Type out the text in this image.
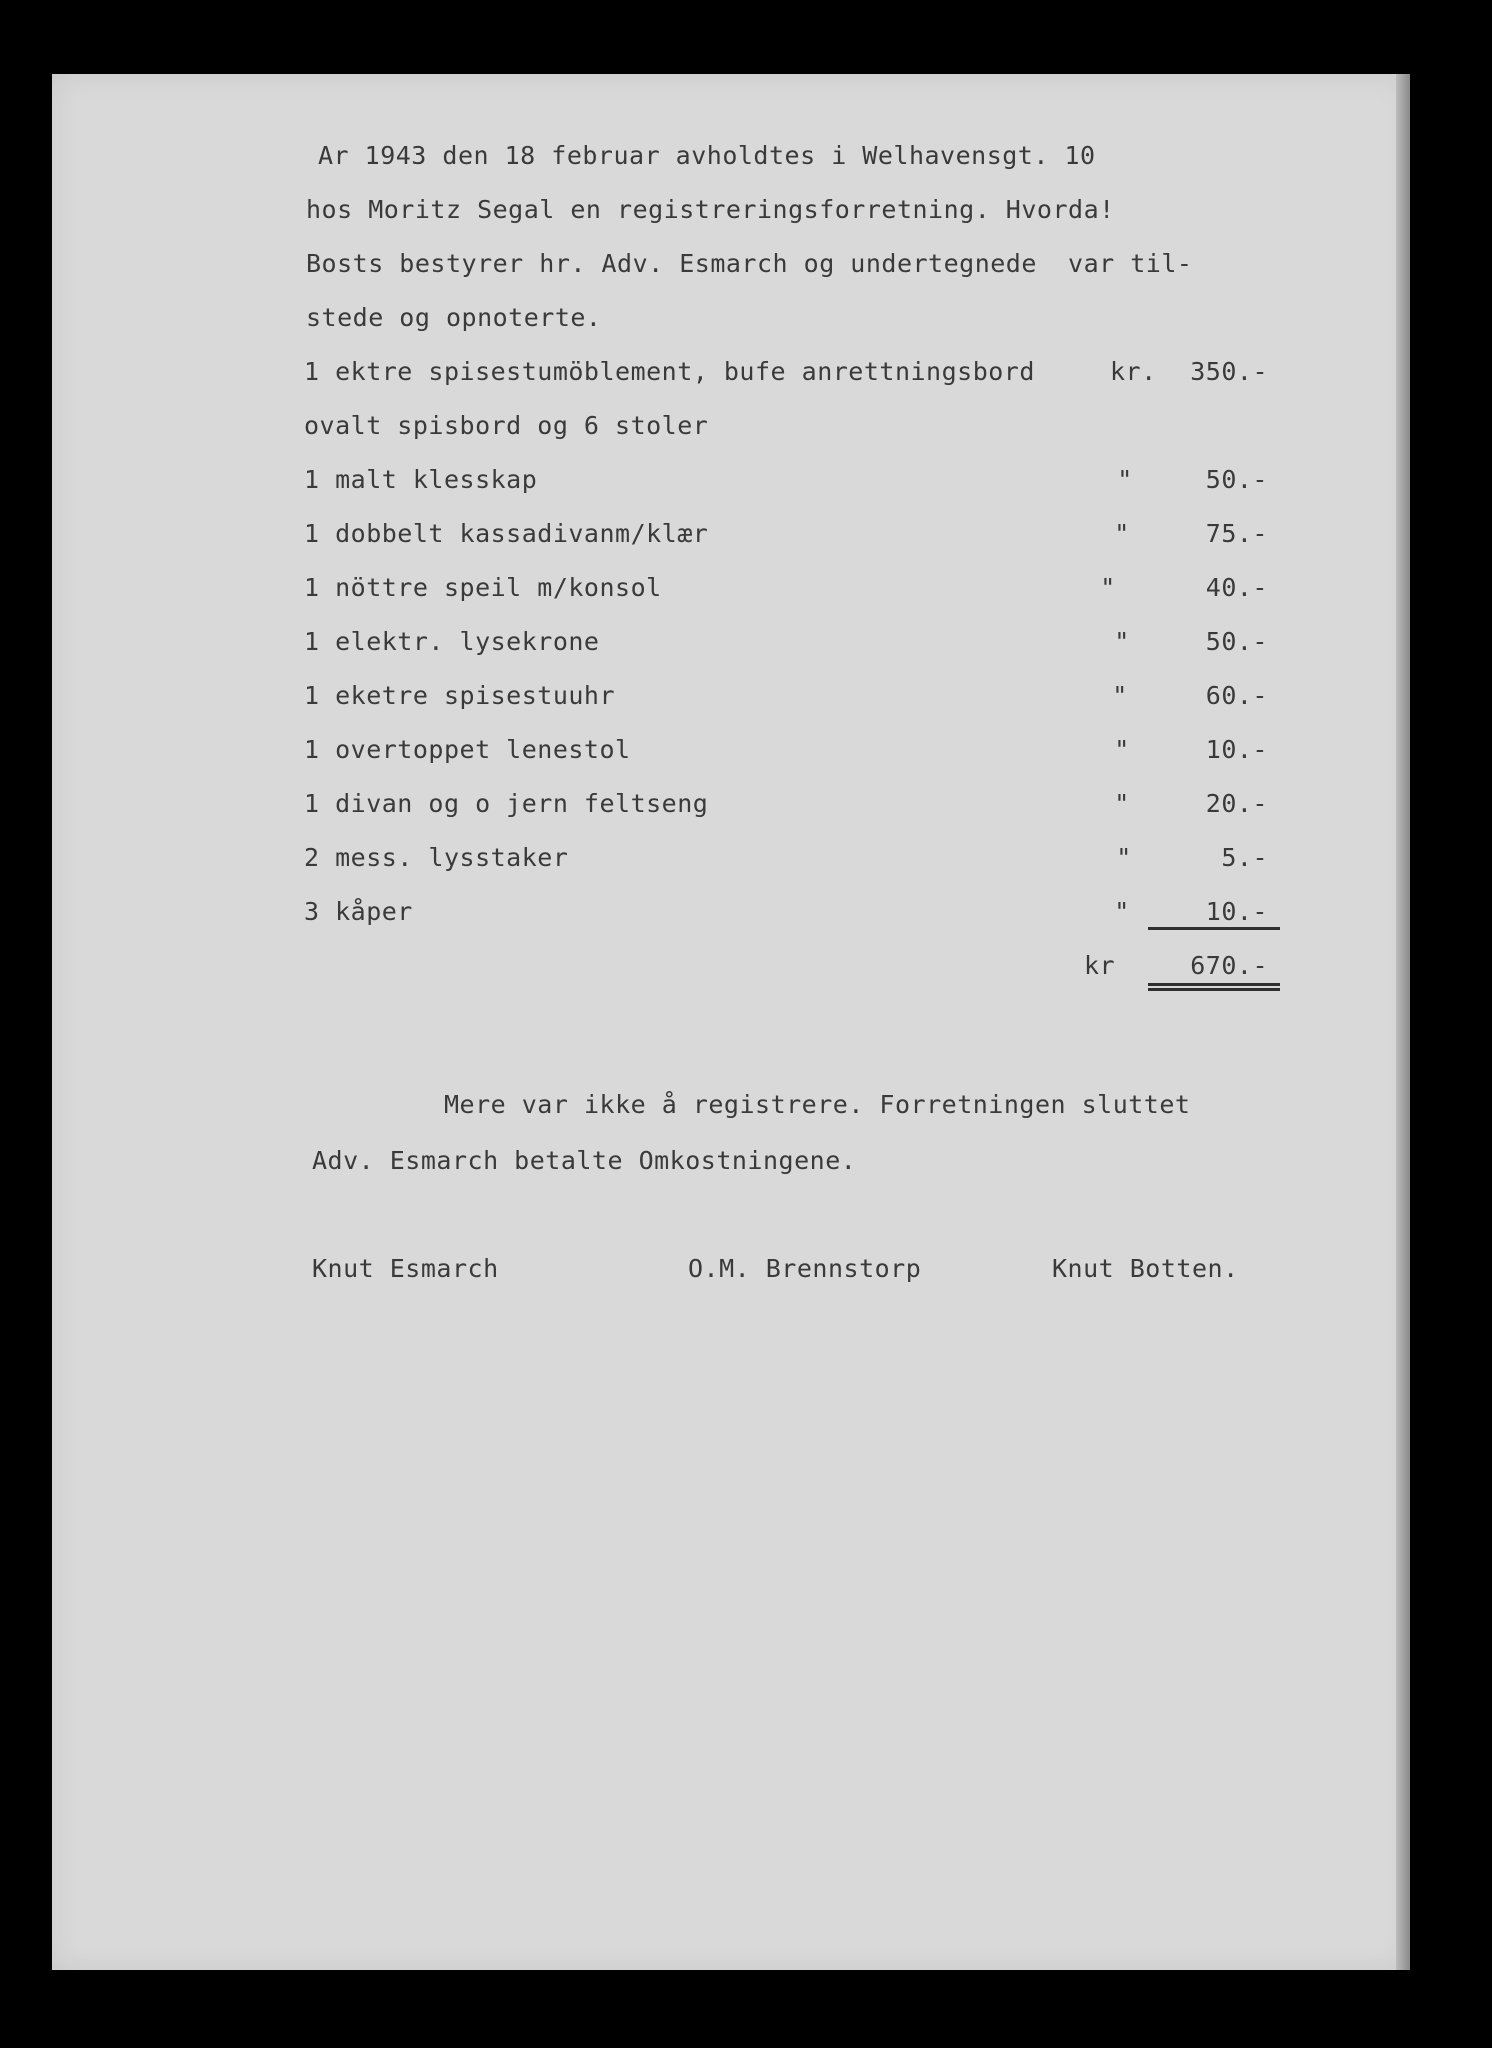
Ar 1943 den 18 februar avholdtes i Welhavensgt. 10
hos Moritz Segal en registreringsforretning. Hvorda!
Bosts bestyrer hr. Adv. Esmarch og undertegnede  var til-
stede og opnoterte.
1 ektre spisestumöblement, bufe anrettningsbord	kr.	350.-
ovalt spisbord og 6 stoler
1 malt klesskap	"	50.-
1 dobbelt kassadivanm/klær	"	75.-
1 nöttre speil m/konsol	"	40.-
1 elektr. lysekrone	"	50.-
1 eketre spisestuuhr	"	60.-
1 overtoppet lenestol	"	10.-
1 divan og o jern feltseng	"	20.-
2 mess. lysstaker	"	5.-
3 kåper	"	10.-
kr	670.-
Mere var ikke å registrere. Forretningen sluttet
Adv. Esmarch betalte Omkostningene.
Knut Esmarch	O.M. Brennstorp	Knut Botten.
